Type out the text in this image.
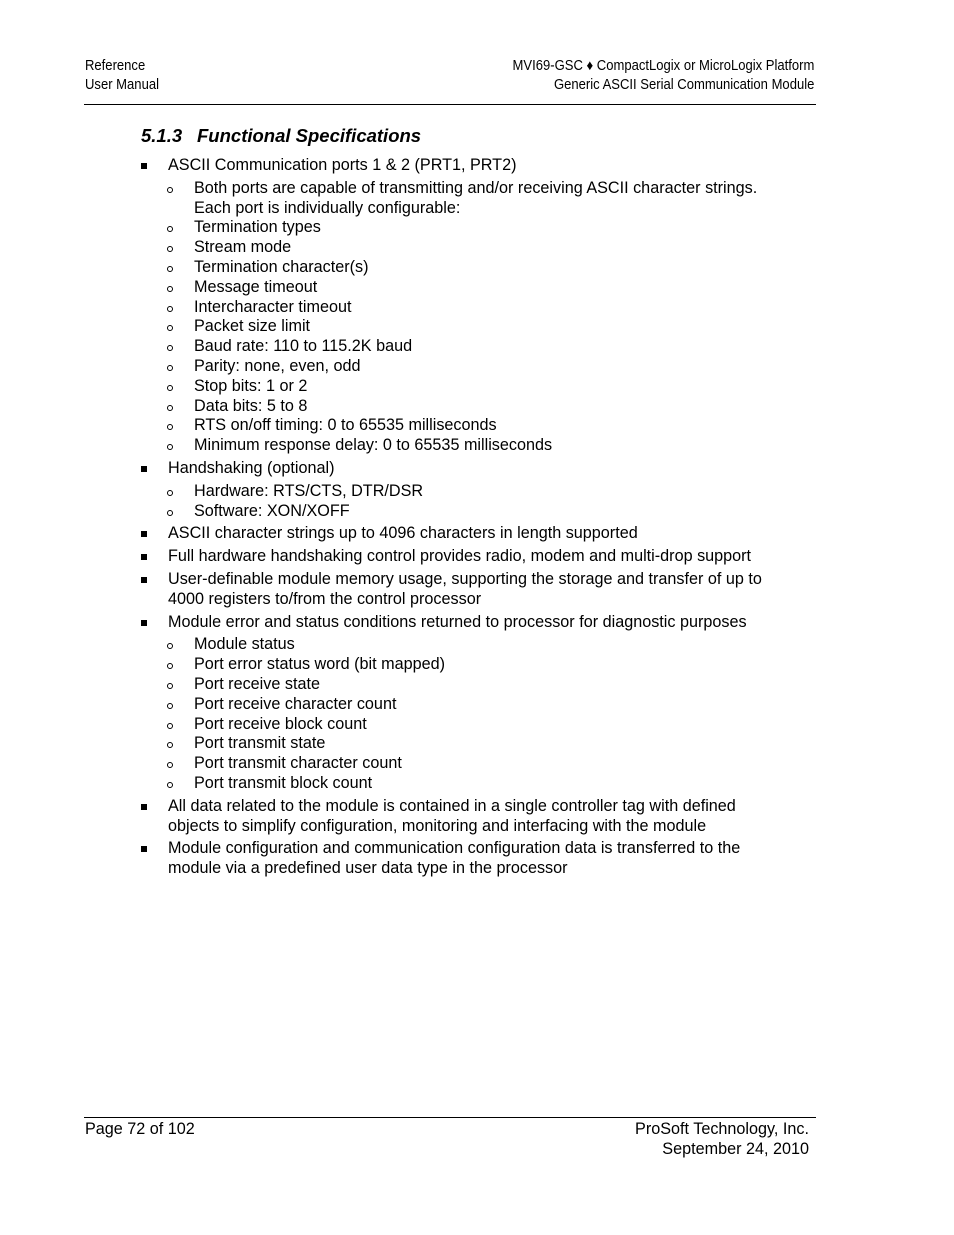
Reference
User Manual
MVI69-GSC ♦ CompactLogix or MicroLogix Platform
Generic ASCII Serial Communication Module
5.1.3 Functional Specifications
ASCII Communication ports 1 & 2 (PRT1, PRT2)
Both ports are capable of transmitting and/or receiving ASCII character strings. Each port is individually configurable:
Termination types
Stream mode
Termination character(s)
Message timeout
Intercharacter timeout
Packet size limit
Baud rate: 110 to 115.2K baud
Parity: none, even, odd
Stop bits: 1 or 2
Data bits: 5 to 8
RTS on/off timing: 0 to 65535 milliseconds
Minimum response delay: 0 to 65535 milliseconds
Handshaking (optional)
Hardware: RTS/CTS, DTR/DSR
Software: XON/XOFF
ASCII character strings up to 4096 characters in length supported
Full hardware handshaking control provides radio, modem and multi-drop support
User-definable module memory usage, supporting the storage and transfer of up to 4000 registers to/from the control processor
Module error and status conditions returned to processor for diagnostic purposes
Module status
Port error status word (bit mapped)
Port receive state
Port receive character count
Port receive block count
Port transmit state
Port transmit character count
Port transmit block count
All data related to the module is contained in a single controller tag with defined objects to simplify configuration, monitoring and interfacing with the module
Module configuration and communication configuration data is transferred to the module via a predefined user data type in the processor
Page 72 of 102	ProSoft Technology, Inc.
September 24, 2010
